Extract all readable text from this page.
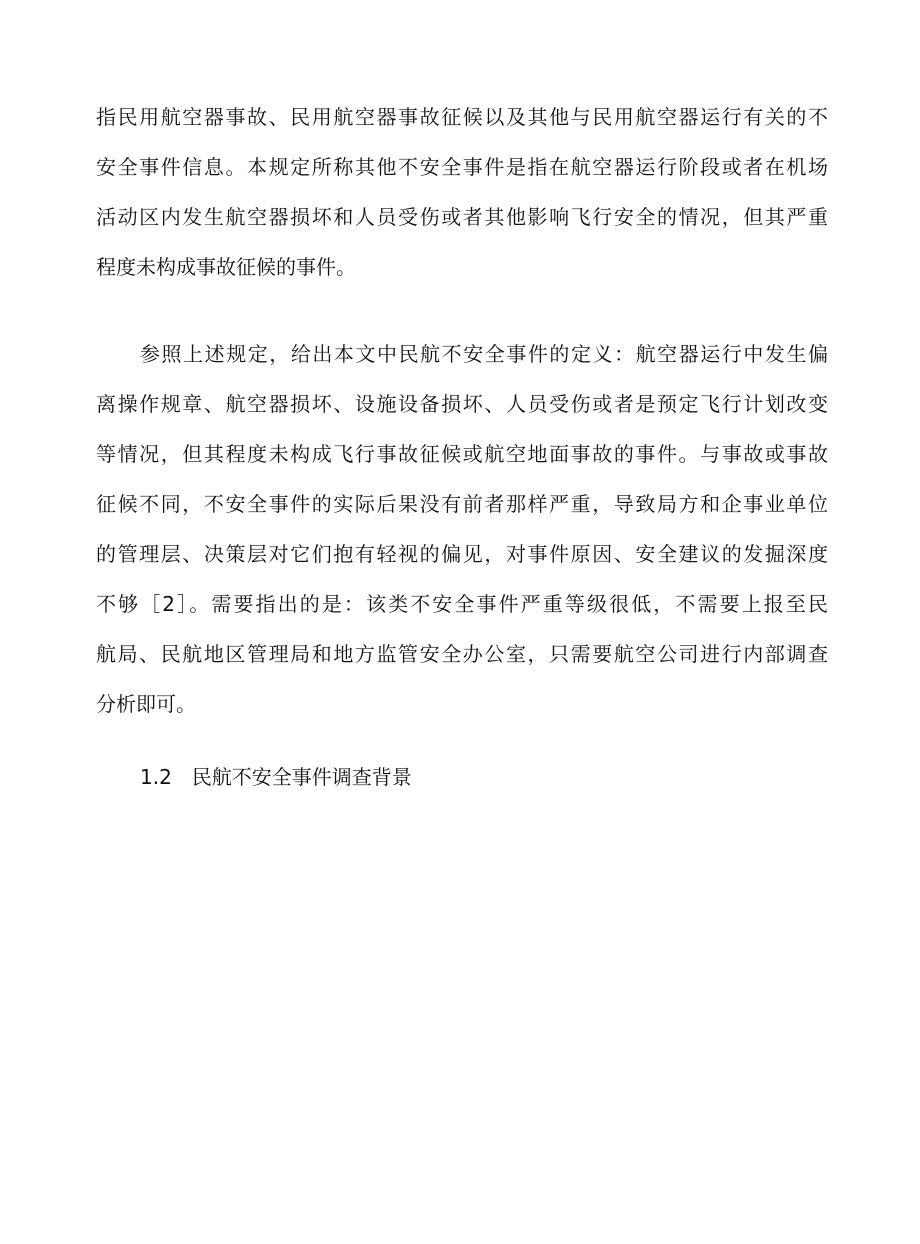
指民用航空器事故、民用航空器事故征候以及其他与民用航空器运行有关的不
安全事件信息。本规定所称其他不安全事件是指在航空器运行阶段或者在机场
活动区内发生航空器损坏和人员受伤或者其他影响飞行安全的情况，但其严重
程度未构成事故征候的事件。
参照上述规定，给出本文中民航不安全事件的定义：航空器运行中发生偏
离操作规章、航空器损坏、设施设备损坏、人员受伤或者是预定飞行计划改变
等情况，但其程度未构成飞行事故征候或航空地面事故的事件。与事故或事故
征候不同，不安全事件的实际后果没有前者那样严重，导致局方和企事业单位
的管理层、决策层对它们抱有轻视的偏见，对事件原因、安全建议的发掘深度
不够［2］。需要指出的是：该类不安全事件严重等级很低，不需要上报至民
航局、民航地区管理局和地方监管安全办公室，只需要航空公司进行内部调查
分析即可。
1.2 民航不安全事件调查背景
